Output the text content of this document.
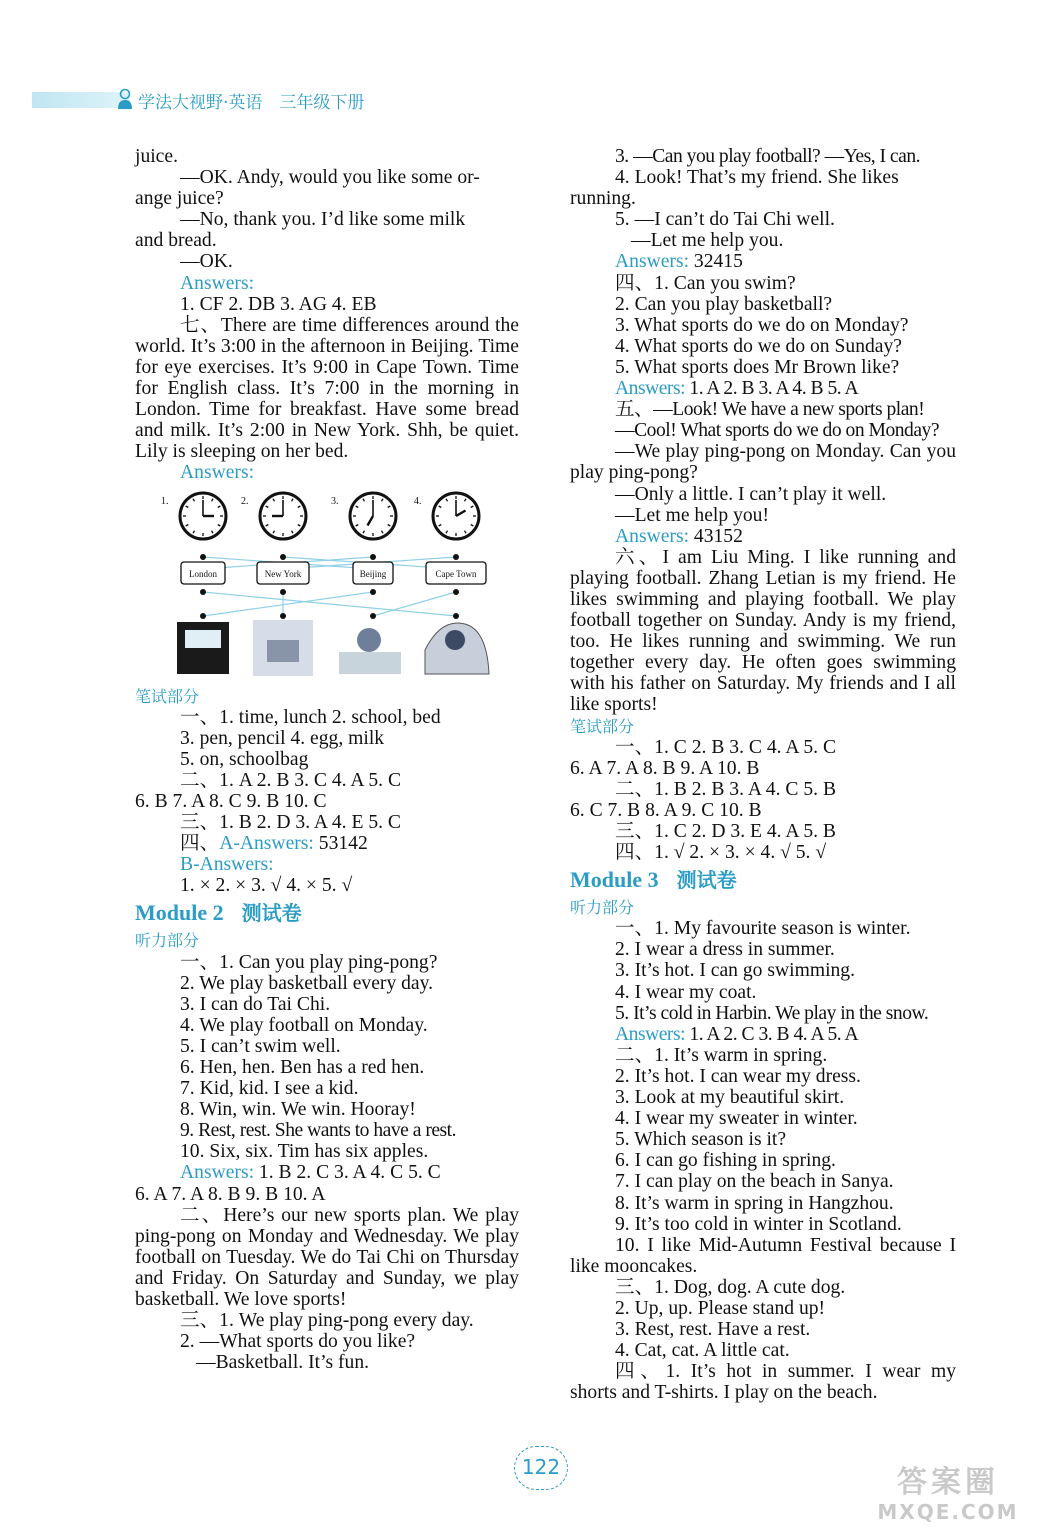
学法大视野·英语　三年级下册

juice.

—OK. Andy, would you like some or-

ange juice?

—No, thank you. I’d like some milk

and bread.

—OK.

Answers:

1. CF 2. DB 3. AG 4. EB

七、There are time differences around the world. It’s 3:00 in the afternoon in Beijing. Time for eye exercises. It’s 9:00 in Cape Town. Time for English class. It’s 7:00 in the morning in London. Time for breakfast. Have some bread and milk. It’s 2:00 in New York. Shh, be quiet. Lily is sleeping on her bed.

Answers:

1.
London
2.
New York
3.
Beijing
4.
Cape Town

笔试部分

一、1. time, lunch 2. school, bed

3. pen, pencil 4. egg, milk

5. on, schoolbag

二、1. A 2. B 3. C 4. A 5. C

6. B 7. A 8. C 9. B 10. C

三、1. B 2. D 3. A 4. E 5. C

四、A-Answers: 53142

B-Answers:

1. × 2. × 3. √ 4. × 5. √

Module 2 测试卷

听力部分

一、1. Can you play ping-pong?

2. We play basketball every day.

3. I can do Tai Chi.

4. We play football on Monday.

5. I can’t swim well.

6. Hen, hen. Ben has a red hen.

7. Kid, kid. I see a kid.

8. Win, win. We win. Hooray!

9. Rest, rest. She wants to have a rest.

10. Six, six. Tim has six apples.

Answers: 1. B 2. C 3. A 4. C 5. C

6. A 7. A 8. B 9. B 10. A

二、Here’s our new sports plan. We play ping-pong on Monday and Wednesday. We play football on Tuesday. We do Tai Chi on Thursday and Friday. On Saturday and Sunday, we play basketball. We love sports!

三、1. We play ping-pong every day.

2. —What sports do you like?

—Basketball. It’s fun.

3. —Can you play football? —Yes, I can.

4. Look! That’s my friend. She likes

running.

5. —I can’t do Tai Chi well.

—Let me help you.

Answers: 32415

四、1. Can you swim?

2. Can you play basketball?

3. What sports do we do on Monday?

4. What sports do we do on Sunday?

5. What sports does Mr Brown like?

Answers: 1. A 2. B 3. A 4. B 5. A

五、—Look! We have a new sports plan!

—Cool! What sports do we do on Monday?

—We play ping-pong on Monday. Can you play ping-pong?

—Only a little. I can’t play it well.

—Let me help you!

Answers: 43152

六、I am Liu Ming. I like running and playing football. Zhang Letian is my friend. He likes swimming and playing football. We play football together on Sunday. Andy is my friend, too. He likes running and swimming. We run together every day. He often goes swimming with his father on Saturday. My friends and I all like sports!

笔试部分

一、1. C 2. B 3. C 4. A 5. C

6. A 7. A 8. B 9. A 10. B

二、1. B 2. B 3. A 4. C 5. B

6. C 7. B 8. A 9. C 10. B

三、1. C 2. D 3. E 4. A 5. B

四、1. √ 2. × 3. × 4. √ 5. √

Module 3 测试卷

听力部分

一、1. My favourite season is winter.

2. I wear a dress in summer.

3. It’s hot. I can go swimming.

4. I wear my coat.

5. It’s cold in Harbin. We play in the snow.

Answers: 1. A 2. C 3. B 4. A 5. A

二、1. It’s warm in spring.

2. It’s hot. I can wear my dress.

3. Look at my beautiful skirt.

4. I wear my sweater in winter.

5. Which season is it?

6. I can go fishing in spring.

7. I can play on the beach in Sanya.

8. It’s warm in spring in Hangzhou.

9. It’s too cold in winter in Scotland.

10. I like Mid-Autumn Festival because I like mooncakes.

三、1. Dog, dog. A cute dog.

2. Up, up. Please stand up!

3. Rest, rest. Have a rest.

4. Cat, cat. A little cat.

四、1. It’s hot in summer. I wear my shorts and T-shirts. I play on the beach.

122	答案圈
MXQE.COM
